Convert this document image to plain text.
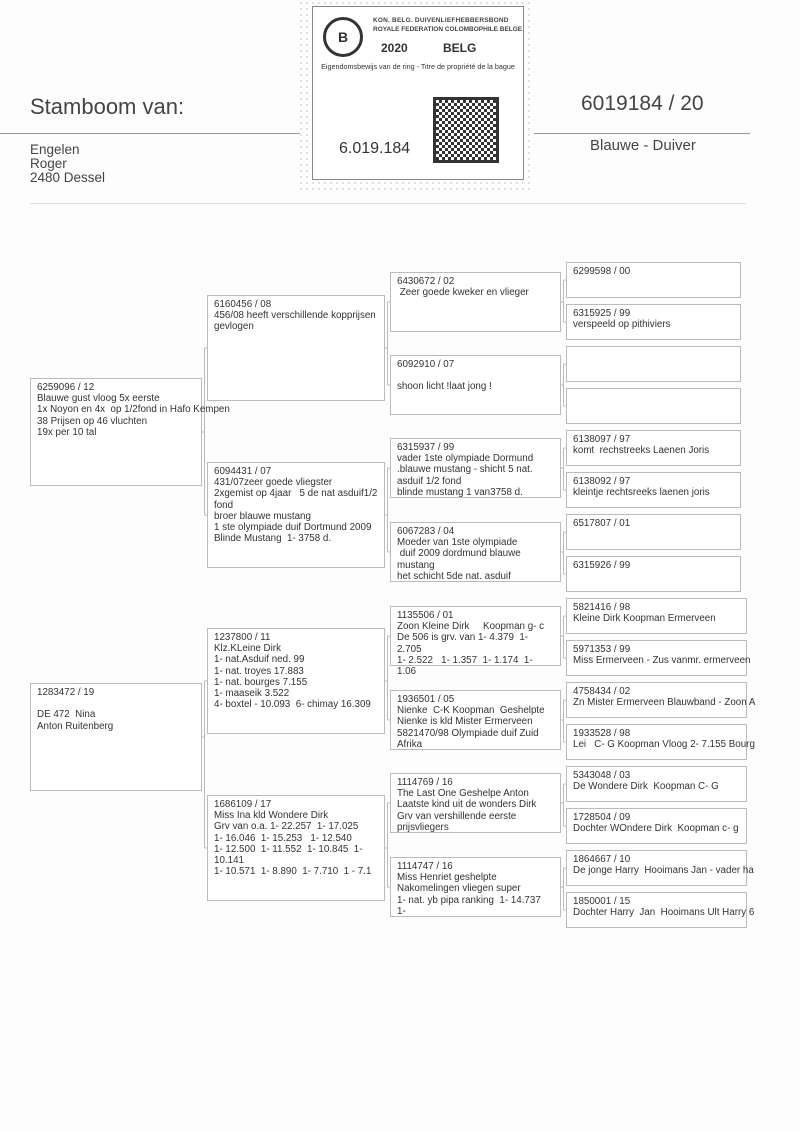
B
KON. BELG. DUIVENLIEFHEBBERSBOND
ROYALE FEDERATION COLOMBOPHILE BELGE
2020	BELG
Eigendomsbewijs van de ring - Titre de propriété de la bague
6.019.184
Stamboom van:	6019184 / 20
Engelen
Roger
2480 Dessel
Blauwe - Duiver
6259096 / 12
Blauwe gust vloog 5x eerste
1x Noyon en 4x  op 1/2fond in Hafo Kempen
38 Prijsen op 46 vluchten
19x per 10 tal
1283472 / 19

DE 472  Nina
Anton Ruitenberg
6160456 / 08
456/08 heeft verschillende kopprijsen
gevlogen
6094431 / 07
431/07zeer goede vliegster
2xgemist op 4jaar   5 de nat asduif1/2 fond
broer blauwe mustang
1 ste olympiade duif Dortmund 2009
Blinde Mustang  1- 3758 d.
1237800 / 11
Klz.KLeine Dirk
1- nat.Asduif ned. 99
1- nat. troyes 17.883
1- nat. bourges 7.155
1- maaseik 3.522
4- boxtel - 10.093  6- chimay 16.309
1686109 / 17
Miss Ina kld Wondere Dirk
Grv van o.a. 1- 22.257  1- 17.025
1- 16.046  1- 15.253   1- 12.540
1- 12.500  1- 11.552  1- 10.845  1- 10.141
1- 10.571  1- 8.890  1- 7.710  1 - 7.1
6430672 / 02
Zeer goede kweker en vlieger
6092910 / 07

shoon licht !laat jong !
6315937 / 99
vader 1ste olympiade Dormund
.blauwe mustang - shicht 5 nat. asduif 1/2 fond
blinde mustang 1 van3758 d.
6067283 / 04
Moeder van 1ste olympiade
duif 2009 dordmund blauwe mustang
het schicht 5de nat. asduif
1135506 / 01
Zoon Kleine Dirk     Koopman g- c
De 506 is grv. van 1- 4.379  1- 2.705
1- 2.522   1- 1.357  1- 1.174  1- 1.06
1936501 / 05
Nienke  C-K Koopman  Geshelpte
Nienke is kld Mister Ermerveen
5821470/98 Olympiade duif Zuid Afrika
1114769 / 16
The Last One Geshelpe Anton
Laatste kind uit de wonders Dirk
Grv van vershillende eerste prijsvliegers
1114747 / 16
Miss Henriet geshelpte
Nakomelingen vliegen super
1- nat. yb pipa ranking  1- 14.737  1-
6299598 / 00
6315925 / 99
verspeeld op pithiviers
6138097 / 97
komt  rechstreeks Laenen Joris
6138092 / 97
kleintje rechtsreeks laenen joris
6517807 / 01
6315926 / 99
5821416 / 98
Kleine Dirk Koopman Ermerveen
5971353 / 99
Miss Ermerveen - Zus vanmr. ermerveen
4758434 / 02
Zn Mister Ermerveen Blauwband - Zoon A
1933528 / 98
Lei   C- G Koopman Vloog 2- 7.155 Bourg
5343048 / 03
De Wondere Dirk  Koopman C- G
1728504 / 09
Dochter WOndere Dirk  Koopman c- g
1864667 / 10
De jonge Harry  Hooimans Jan - vader ha
1850001 / 15
Dochter Harry  Jan  Hooimans Ult Harry 6
